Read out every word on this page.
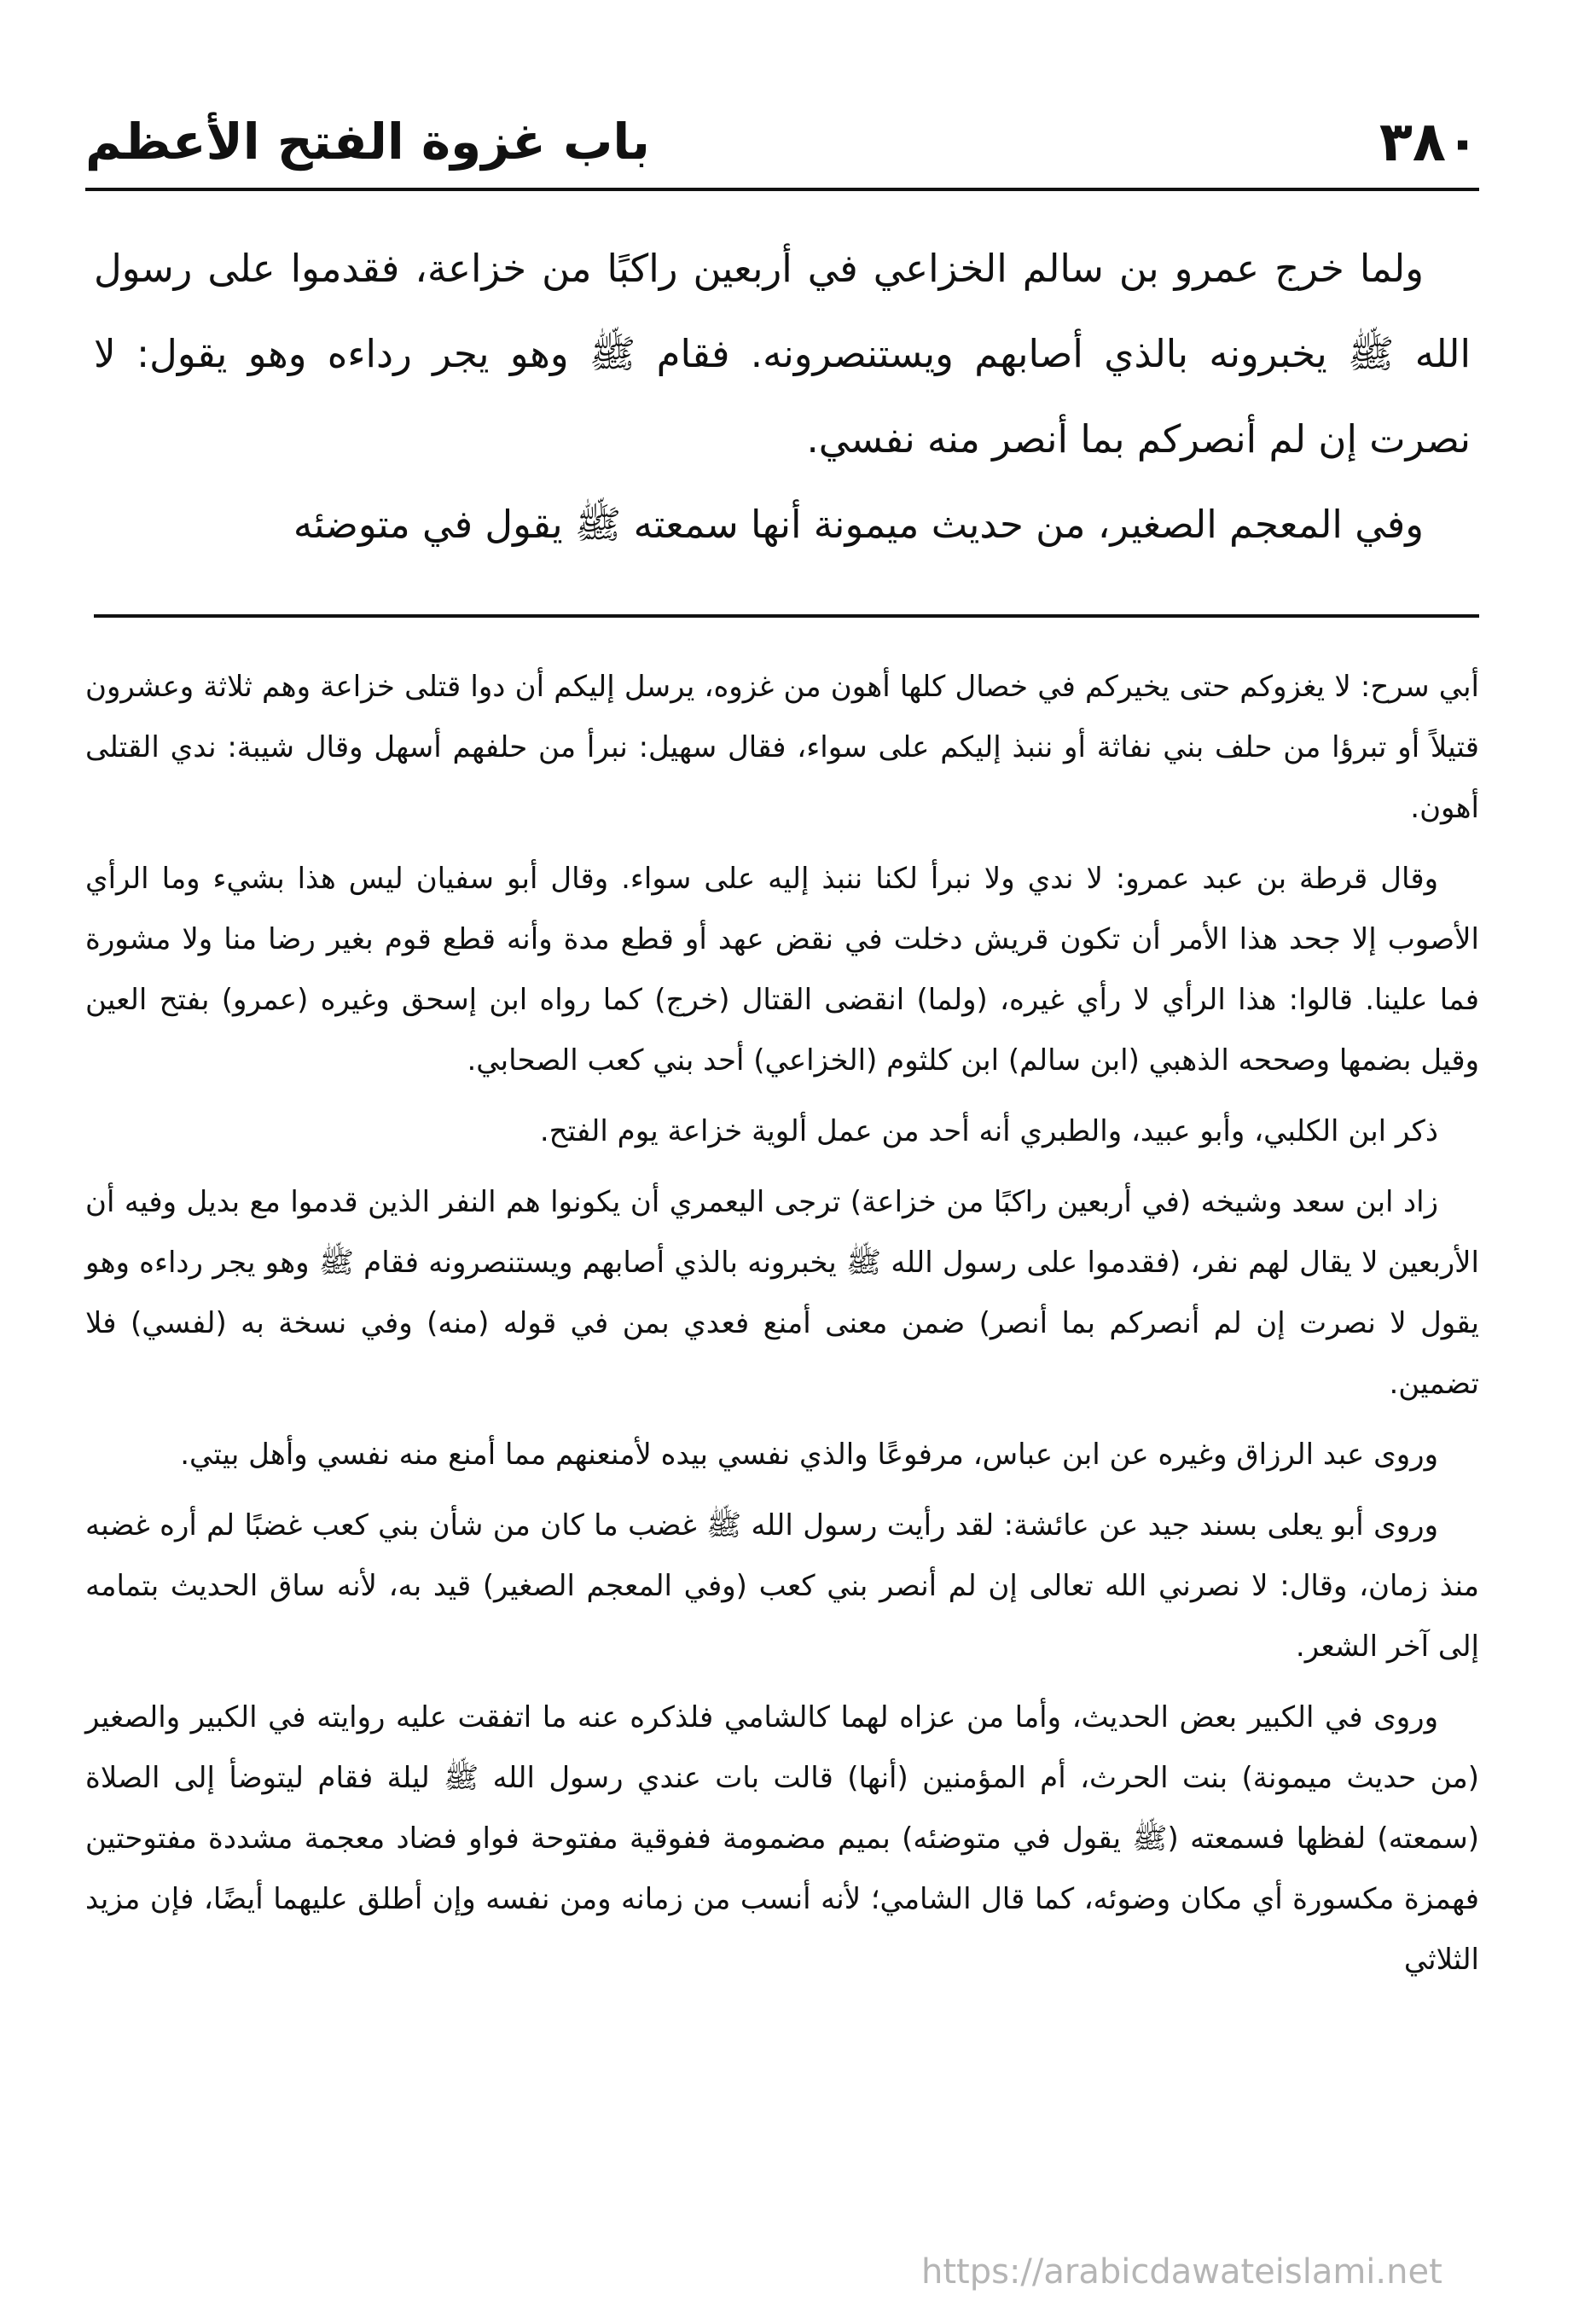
٣٨٠
باب غزوة الفتح الأعظم

ولما خرج عمرو بن سالم الخزاعي في أربعين راكبًا من خزاعة، فقدموا على رسول الله ﷺ يخبرونه بالذي أصابهم ويستنصرونه. فقام ﷺ وهو يجر رداءه وهو يقول: لا نصرت إن لم أنصركم بما أنصر منه نفسي.

وفي المعجم الصغير، من حديث ميمونة أنها سمعته ﷺ يقول في متوضئه

أبي سرح: لا يغزوكم حتى يخيركم في خصال كلها أهون من غزوه، يرسل إليكم أن دوا قتلى خزاعة وهم ثلاثة وعشرون قتيلاً أو تبرؤا من حلف بني نفاثة أو ننبذ إليكم على سواء، فقال سهيل: نبرأ من حلفهم أسهل وقال شيبة: ندي القتلى أهون.

وقال قرطة بن عبد عمرو: لا ندي ولا نبرأ لكنا ننبذ إليه على سواء. وقال أبو سفيان ليس هذا بشيء وما الرأي الأصوب إلا جحد هذا الأمر أن تكون قريش دخلت في نقض عهد أو قطع مدة وأنه قطع قوم بغير رضا منا ولا مشورة فما علينا. قالوا: هذا الرأي لا رأي غيره، (ولما) انقضى القتال (خرج) كما رواه ابن إسحق وغيره (عمرو) بفتح العين وقيل بضمها وصححه الذهبي (ابن سالم) ابن كلثوم (الخزاعي) أحد بني كعب الصحابي.

ذكر ابن الكلبي، وأبو عبيد، والطبري أنه أحد من عمل ألوية خزاعة يوم الفتح.

زاد ابن سعد وشيخه (في أربعين راكبًا من خزاعة) ترجى اليعمري أن يكونوا هم النفر الذين قدموا مع بديل وفيه أن الأربعين لا يقال لهم نفر، (فقدموا على رسول الله ﷺ يخبرونه بالذي أصابهم ويستنصرونه فقام ﷺ وهو يجر رداءه وهو يقول لا نصرت إن لم أنصركم بما أنصر) ضمن معنى أمنع فعدي بمن في قوله (منه) وفي نسخة به (لفسي) فلا تضمين.

وروى عبد الرزاق وغيره عن ابن عباس، مرفوعًا والذي نفسي بيده لأمنعنهم مما أمنع منه نفسي وأهل بيتي.

وروى أبو يعلى بسند جيد عن عائشة: لقد رأيت رسول الله ﷺ غضب ما كان من شأن بني كعب غضبًا لم أره غضبه منذ زمان، وقال: لا نصرني الله تعالى إن لم أنصر بني كعب (وفي المعجم الصغير) قيد به، لأنه ساق الحديث بتمامه إلى آخر الشعر.

وروى في الكبير بعض الحديث، وأما من عزاه لهما كالشامي فلذكره عنه ما اتفقت عليه روايته في الكبير والصغير (من حديث ميمونة) بنت الحرث، أم المؤمنين (أنها) قالت بات عندي رسول الله ﷺ ليلة فقام ليتوضأ إلى الصلاة (سمعته) لفظها فسمعته (ﷺ يقول في متوضئه) بميم مضمومة ففوقية مفتوحة فواو فضاد معجمة مشددة مفتوحتين فهمزة مكسورة أي مكان وضوئه، كما قال الشامي؛ لأنه أنسب من زمانه ومن نفسه وإن أطلق عليهما أيضًا، فإن مزيد الثلاثي

https://arabicdawateislami.net
